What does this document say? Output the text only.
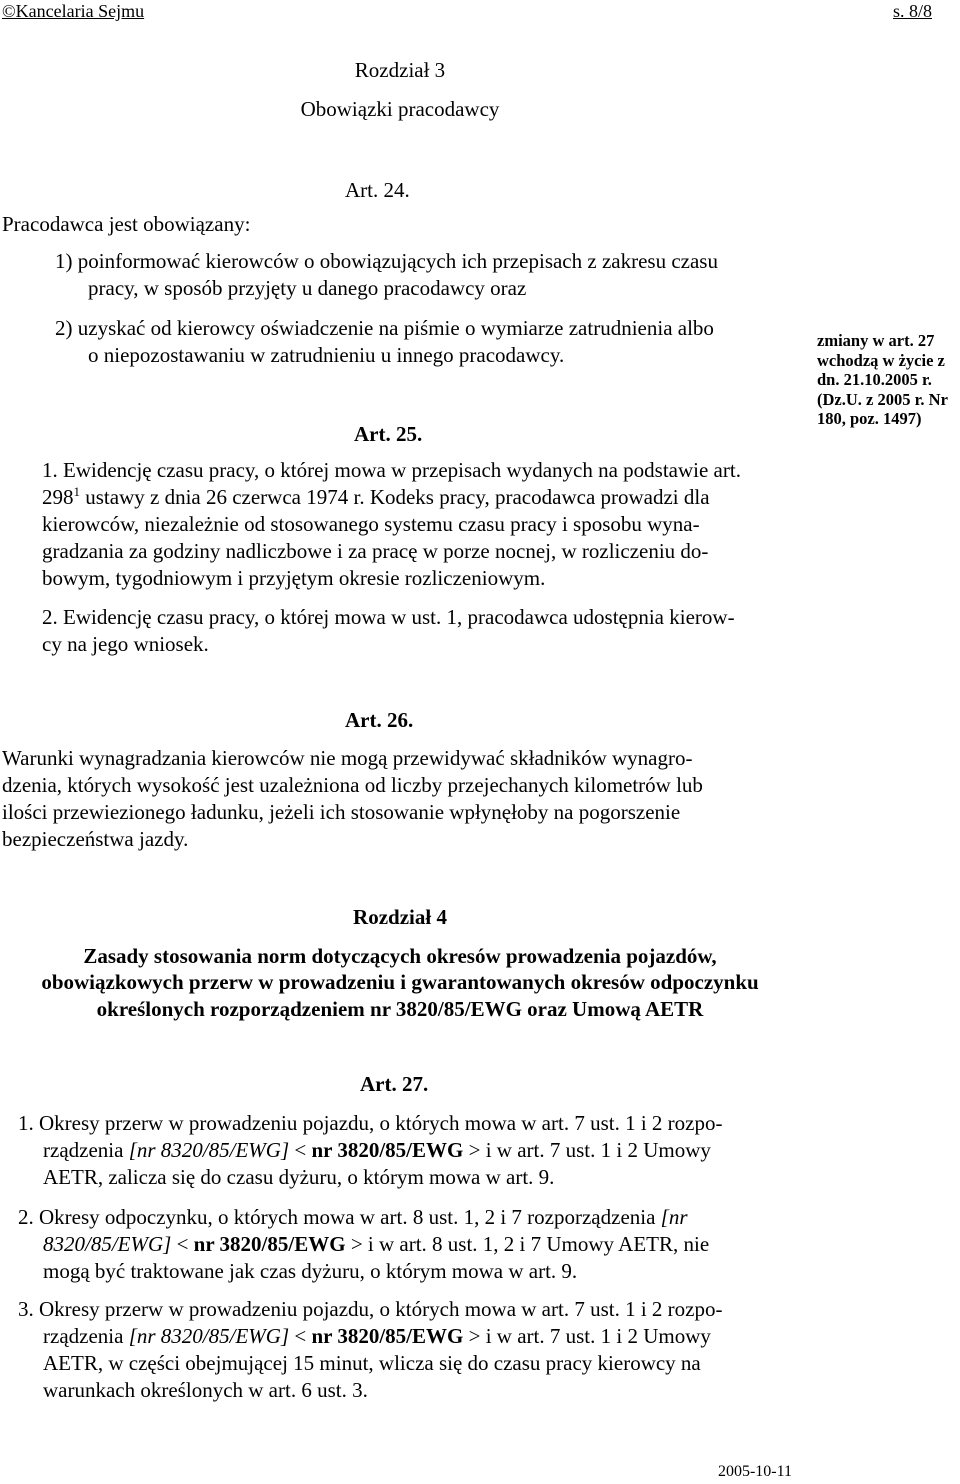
©Kancelaria Sejmu	s. 8/8
Rozdział 3
Obowiązki pracodawcy
Art. 24.
Pracodawca jest obowiązany:
1) poinformować kierowców o obowiązujących ich przepisach z zakresu czasu
pracy, w sposób przyjęty u danego pracodawcy oraz
2) uzyskać od kierowcy oświadczenie na piśmie o wymiarze zatrudnienia albo
o niepozostawaniu w zatrudnieniu u innego pracodawcy.
zmiany w art. 27 wchodzą w życie z dn. 21.10.2005 r. (Dz.U. z 2005 r. Nr 180, poz. 1497)
Art. 25.
1. Ewidencję czasu pracy, o której mowa w przepisach wydanych na podstawie art.
$298^1$ ustawy z dnia 26 czerwca 1974 r. Kodeks pracy, pracodawca prowadzi dla
kierowców, niezależnie od stosowanego systemu czasu pracy i sposobu wyna-
gradzania za godziny nadliczbowe i za pracę w porze nocnej, w rozliczeniu do-
bowym, tygodniowym i przyjętym okresie rozliczeniowym.
2. Ewidencję czasu pracy, o której mowa w ust. 1, pracodawca udostępnia kierow-
cy na jego wniosek.
Art. 26.
Warunki wynagradzania kierowców nie mogą przewidywać składników wynagro-
dzenia, których wysokość jest uzależniona od liczby przejechanych kilometrów lub
ilości przewiezionego ładunku, jeżeli ich stosowanie wpłynęłoby na pogorszenie
bezpieczeństwa jazdy.
Rozdział 4
Zasady stosowania norm dotyczących okresów prowadzenia pojazdów,
obowiązkowych przerw w prowadzeniu i gwarantowanych okresów odpoczynku
określonych rozporządzeniem nr 3820/85/EWG oraz Umową AETR
Art. 27.
1. Okresy przerw w prowadzeniu pojazdu, o których mowa w art. 7 ust. 1 i 2 rozpo-
rządzenia [nr 8320/85/EWG] < nr 3820/85/EWG > i w art. 7 ust. 1 i 2 Umowy
AETR, zalicza się do czasu dyżuru, o którym mowa w art. 9.
2. Okresy odpoczynku, o których mowa w art. 8 ust. 1, 2 i 7 rozporządzenia [nr
8320/85/EWG] < nr 3820/85/EWG > i w art. 8 ust. 1, 2 i 7 Umowy AETR, nie
mogą być traktowane jak czas dyżuru, o którym mowa w art. 9.
3. Okresy przerw w prowadzeniu pojazdu, o których mowa w art. 7 ust. 1 i 2 rozpo-
rządzenia [nr 8320/85/EWG] < nr 3820/85/EWG > i w art. 7 ust. 1 i 2 Umowy
AETR, w części obejmującej 15 minut, wlicza się do czasu pracy kierowcy na
warunkach określonych w art. 6 ust. 3.
2005-10-11
